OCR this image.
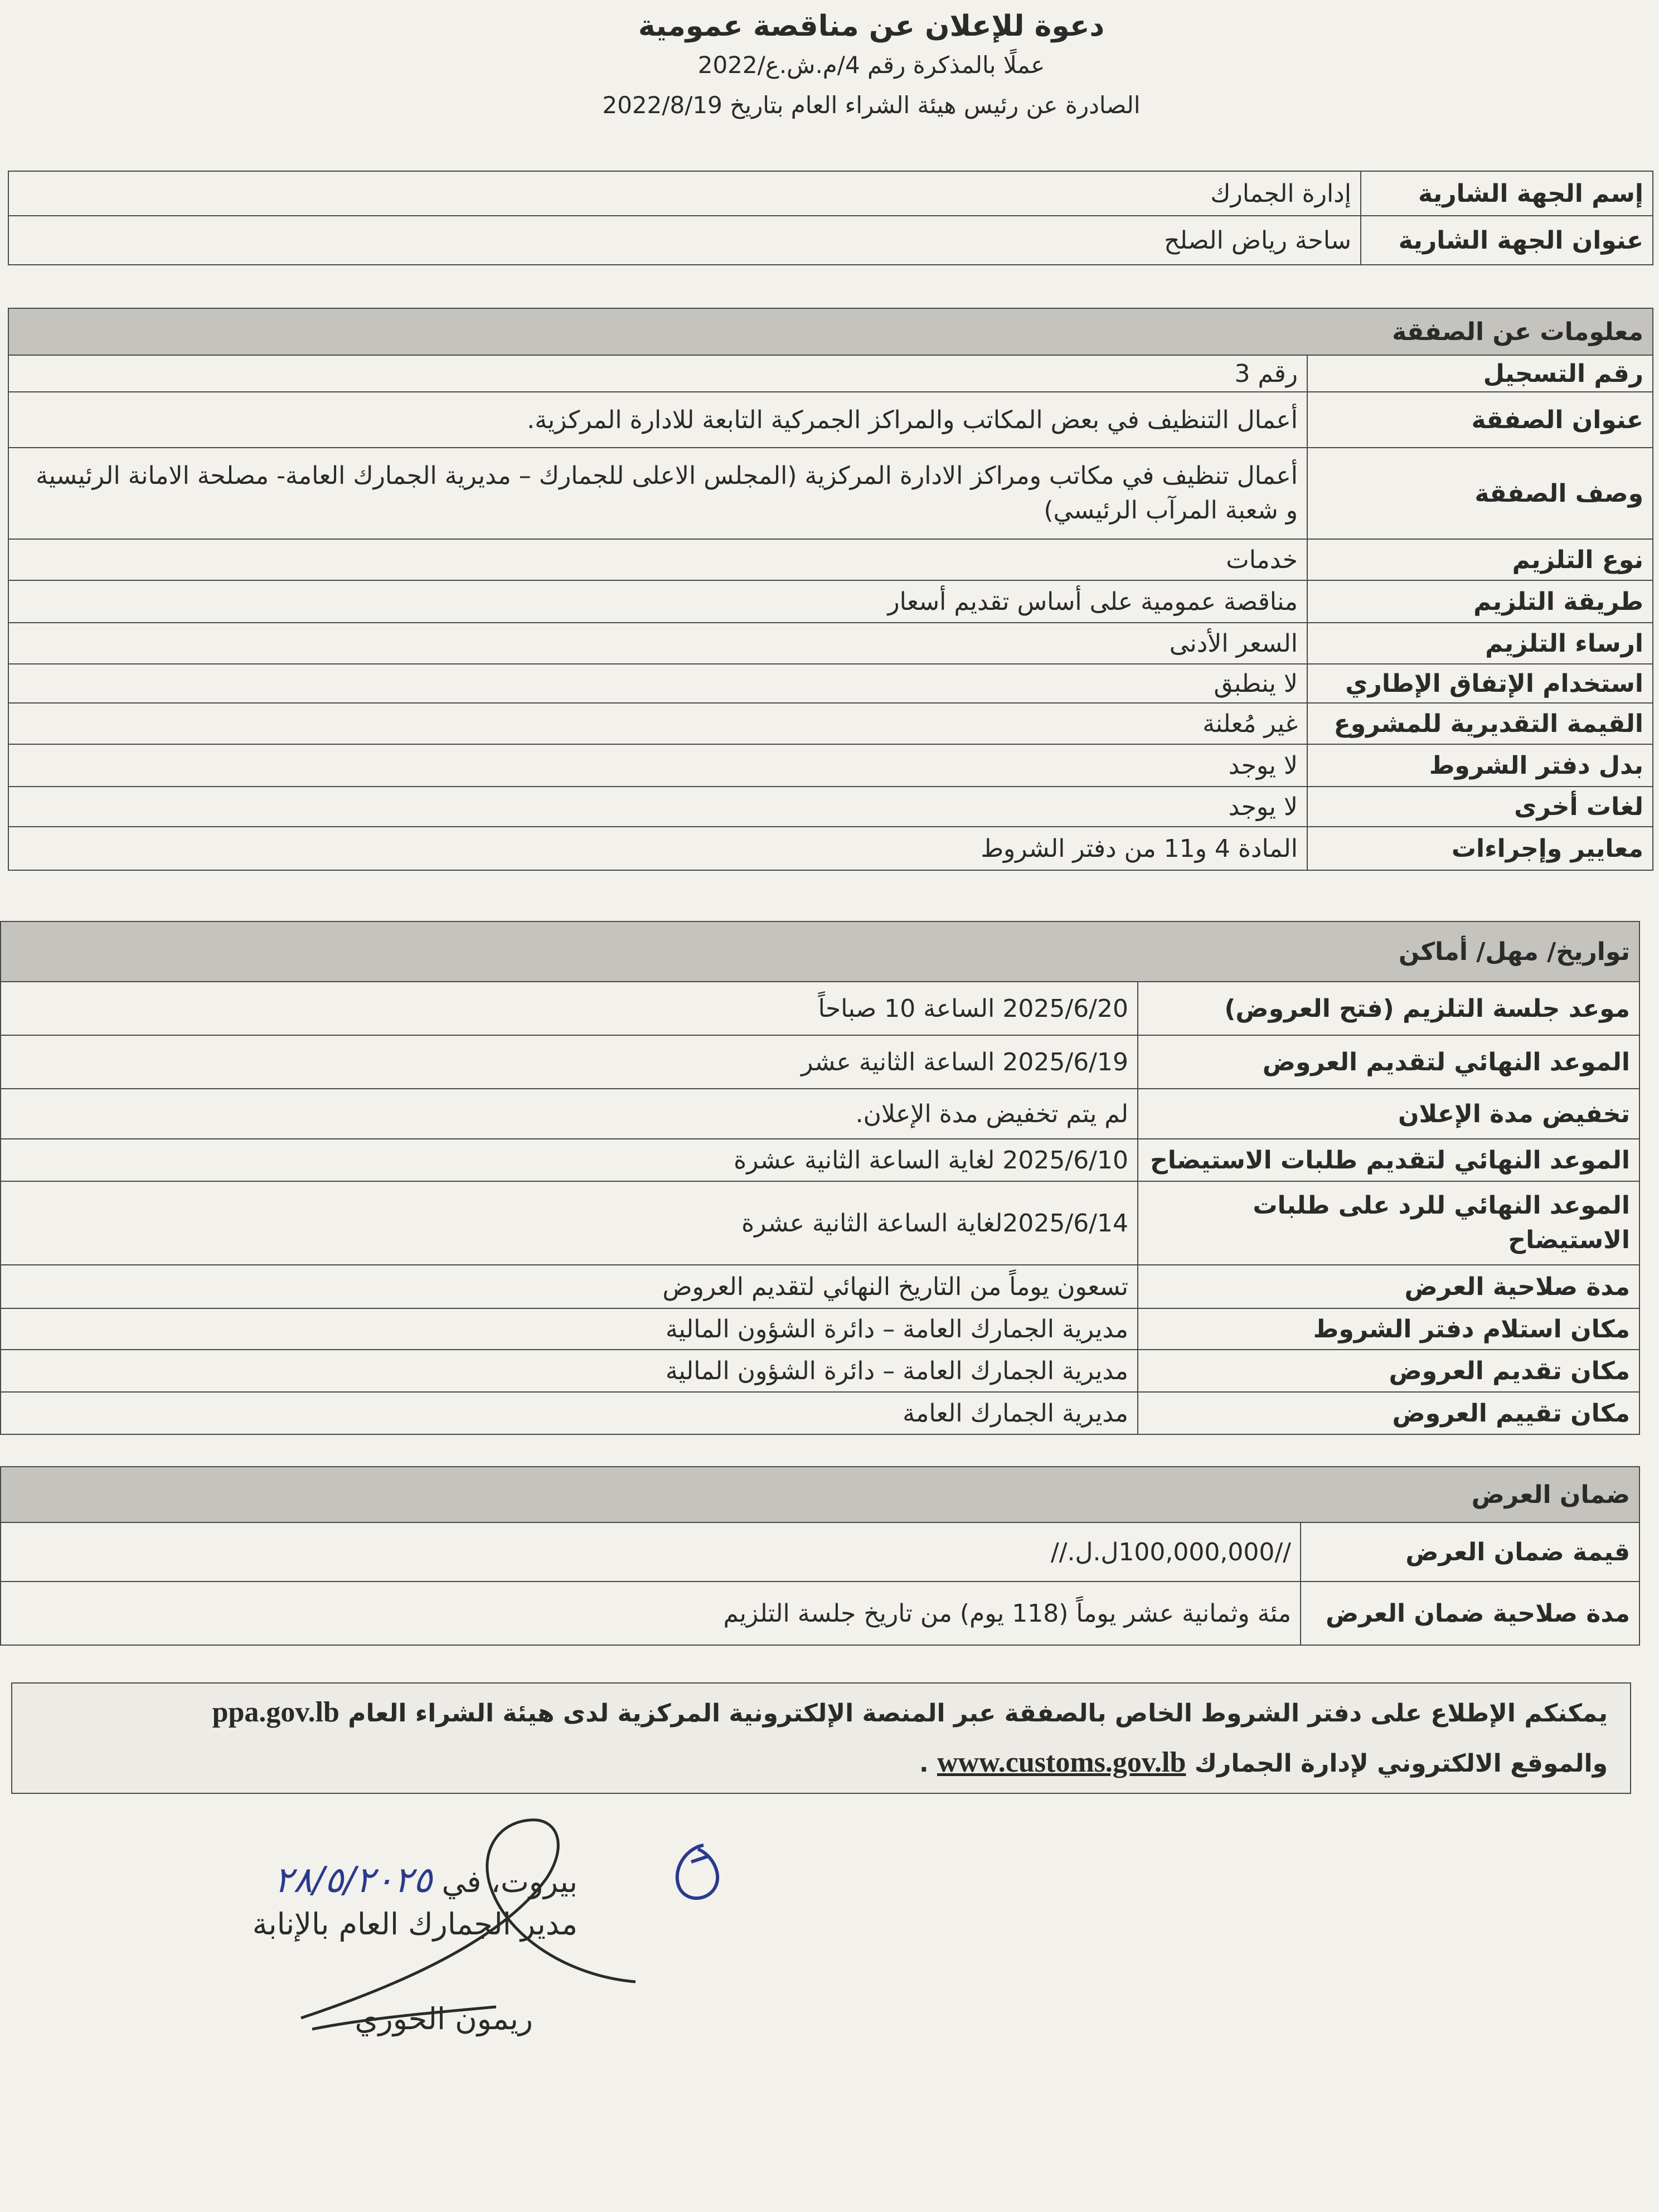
دعوة للإعلان عن مناقصة عمومية
عملًا بالمذكرة رقم 4/م.ش.ع/2022
الصادرة عن رئيس هيئة الشراء العام بتاريخ 2022/8/19
إسم الجهة الشارية	إدارة الجمارك
عنوان الجهة الشارية	ساحة رياض الصلح
معلومات عن الصفقة	
رقم التسجيل	رقم 3
عنوان الصفقة	أعمال التنظيف في بعض المكاتب والمراكز الجمركية التابعة للادارة المركزية.
وصف الصفقة	أعمال تنظيف في مكاتب ومراكز الادارة المركزية (المجلس الاعلى للجمارك – مديرية الجمارك العامة- مصلحة الامانة الرئيسية و شعبة المرآب الرئيسي)
نوع التلزيم	خدمات
طريقة التلزيم	مناقصة عمومية على أساس تقديم أسعار
ارساء التلزيم	السعر الأدنى
استخدام الإتفاق الإطاري	لا ينطبق
القيمة التقديرية للمشروع	غير مُعلنة
بدل دفتر الشروط	لا يوجد
لغات أخرى	لا يوجد
معايير وإجراءات	المادة 4 و11 من دفتر الشروط
تواريخ/ مهل/ أماكن	
موعد جلسة التلزيم (فتح العروض)	2025/6/20 الساعة 10 صباحاً
الموعد النهائي لتقديم العروض	2025/6/19 الساعة الثانية عشر
تخفيض مدة الإعلان	لم يتم تخفيض مدة الإعلان.
الموعد النهائي لتقديم طلبات الاستيضاح	2025/6/10 لغاية الساعة الثانية عشرة
الموعد النهائي للرد على طلبات الاستيضاح	2025/6/14لغاية الساعة الثانية عشرة
مدة صلاحية العرض	تسعون يوماً من التاريخ النهائي لتقديم العروض
مكان استلام دفتر الشروط	مديرية الجمارك العامة – دائرة الشؤون المالية
مكان تقديم العروض	مديرية الجمارك العامة – دائرة الشؤون المالية
مكان تقييم العروض	مديرية الجمارك العامة
ضمان العرض	
قيمة ضمان العرض	//100,000,000ل.ل.//
مدة صلاحية ضمان العرض	مئة وثمانية عشر يوماً (118 يوم) من تاريخ جلسة التلزيم
يمكنكم الإطلاع على دفتر الشروط الخاص بالصفقة عبر المنصة الإلكترونية المركزية لدى هيئة الشراء العام ppa.gov.lb
والموقع الالكتروني لإدارة الجمارك www.customs.gov.lb .
بيروت، في ٢٨/٥/٢٠٢٥
مدير الجمارك العام بالإنابة
ريمون الخوري
